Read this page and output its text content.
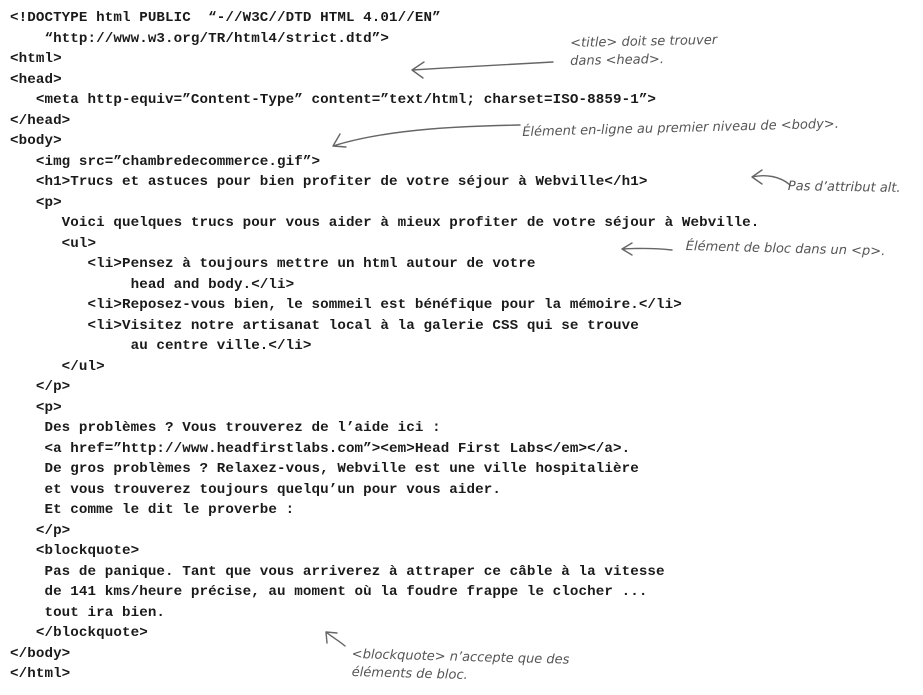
<!DOCTYPE html PUBLIC  “-//W3C//DTD HTML 4.01//EN”
“http://www.w3.org/TR/html4/strict.dtd”>
<html>
<head>
<meta http-equiv=”Content-Type” content=”text/html; charset=ISO-8859-1”>
</head>
<body>
<img src=”chambredecommerce.gif”>
<h1>Trucs et astuces pour bien profiter de votre séjour à Webville</h1>
<p>
Voici quelques trucs pour vous aider à mieux profiter de votre séjour à Webville.
<ul>
<li>Pensez à toujours mettre un html autour de votre
head and body.</li>
<li>Reposez-vous bien, le sommeil est bénéfique pour la mémoire.</li>
<li>Visitez notre artisanat local à la galerie CSS qui se trouve
au centre ville.</li>
</ul>
</p>
<p>
Des problèmes ? Vous trouverez de l’aide ici :
<a href=”http://www.headfirstlabs.com”><em>Head First Labs</em></a>.
De gros problèmes ? Relaxez-vous, Webville est une ville hospitalière
et vous trouverez toujours quelqu’un pour vous aider.
Et comme le dit le proverbe :
</p>
<blockquote>
Pas de panique. Tant que vous arriverez à attraper ce câble à la vitesse
de 141 kms/heure précise, au moment où la foudre frappe le clocher ...
tout ira bien.
</blockquote>
</body>
</html>
<title> doit se trouver
dans <head>.
Élément en-ligne au premier niveau de <body>.
Pas d’attribut alt.
Élément de bloc dans un <p>.
<blockquote> n’accepte que des
éléments de bloc.
